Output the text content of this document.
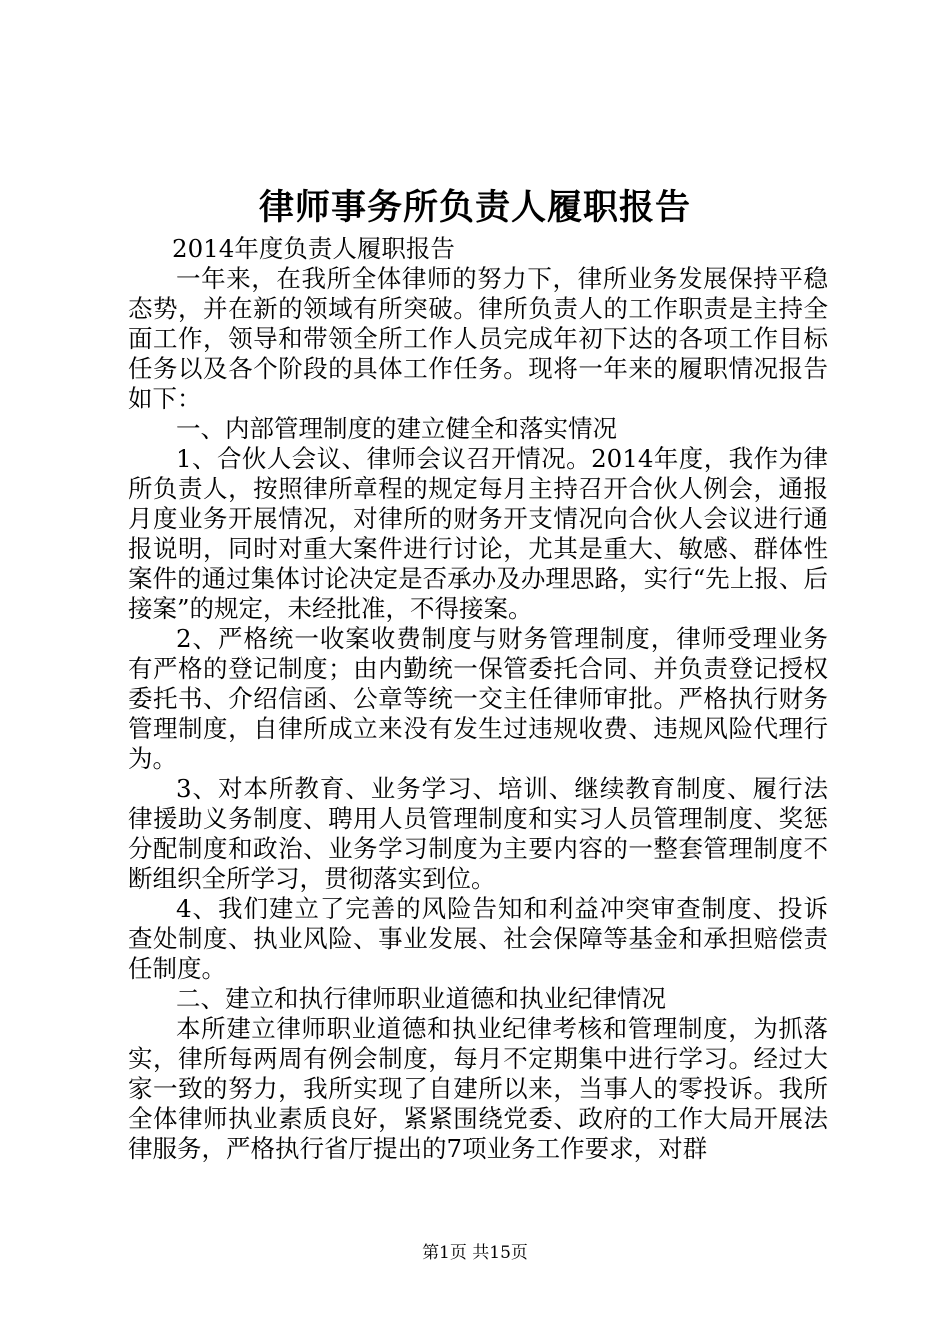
律师事务所负责人履职报告

2014年度负责人履职报告

一年来，在我所全体律师的努力下，律所业务发展保持平稳态势，并在新的领域有所突破。律所负责人的工作职责是主持全面工作，领导和带领全所工作人员完成年初下达的各项工作目标任务以及各个阶段的具体工作任务。现将一年来的履职情况报告如下：

一、内部管理制度的建立健全和落实情况

1、合伙人会议、律师会议召开情况。2014年度，我作为律所负责人，按照律所章程的规定每月主持召开合伙人例会，通报月度业务开展情况，对律所的财务开支情况向合伙人会议进行通报说明，同时对重大案件进行讨论，尤其是重大、敏感、群体性案件的通过集体讨论决定是否承办及办理思路，实行“先上报、后接案”的规定，未经批准，不得接案。

2、严格统一收案收费制度与财务管理制度，律师受理业务有严格的登记制度；由内勤统一保管委托合同、并负责登记授权委托书、介绍信函、公章等统一交主任律师审批。严格执行财务管理制度，自律所成立来没有发生过违规收费、违规风险代理行为。

3、对本所教育、业务学习、培训、继续教育制度、履行法律援助义务制度、聘用人员管理制度和实习人员管理制度、奖惩分配制度和政治、业务学习制度为主要内容的一整套管理制度不断组织全所学习，贯彻落实到位。

4、我们建立了完善的风险告知和利益冲突审查制度、投诉查处制度、执业风险、事业发展、社会保障等基金和承担赔偿责任制度。

二、建立和执行律师职业道德和执业纪律情况

本所建立律师职业道德和执业纪律考核和管理制度，为抓落实，律所每两周有例会制度，每月不定期集中进行学习。经过大家一致的努力，我所实现了自建所以来，当事人的零投诉。我所全体律师执业素质良好，紧紧围绕党委、政府的工作大局开展法律服务，严格执行省厅提出的7项业务工作要求，对群

第1页 共15页
